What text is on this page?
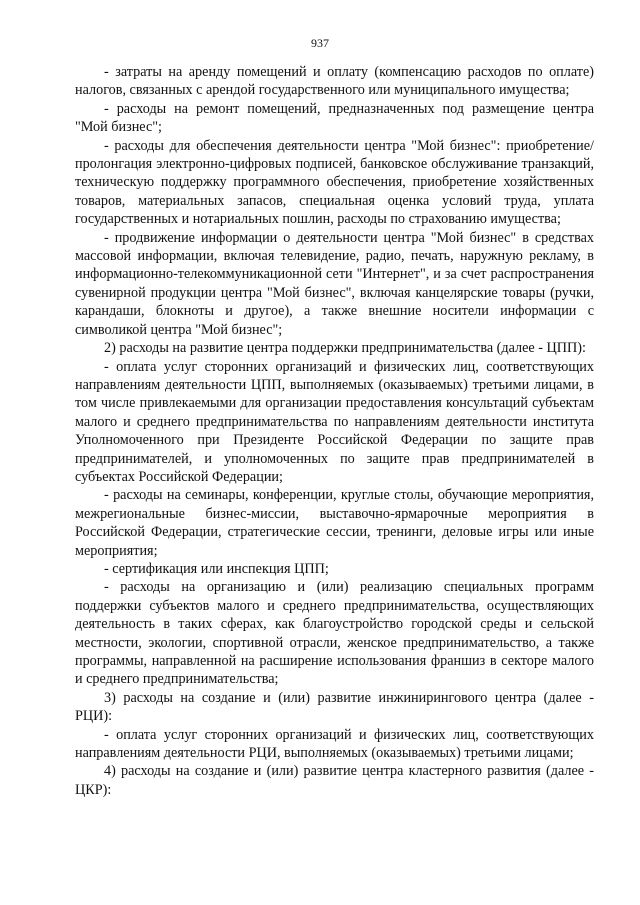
937

- затраты на аренду помещений и оплату (компенсацию расходов по оплате) налогов, связанных с арендой государственного или муниципального имущества;

- расходы на ремонт помещений, предназначенных под размещение центра "Мой бизнес";

- расходы для обеспечения деятельности центра "Мой бизнес": приобретение/пролонгация электронно-цифровых подписей, банковское обслуживание транзакций, техническую поддержку программного обеспечения, приобретение хозяйственных товаров, материальных запасов, специальная оценка условий труда, уплата государственных и нотариальных пошлин, расходы по страхованию имущества;

- продвижение информации о деятельности центра "Мой бизнес" в средствах массовой информации, включая телевидение, радио, печать, наружную рекламу, в информационно-телекоммуникационной сети "Интернет", и за счет распространения сувенирной продукции центра "Мой бизнес", включая канцелярские товары (ручки, карандаши, блокноты и другое), а также внешние носители информации с символикой центра "Мой бизнес";

2) расходы на развитие центра поддержки предпринимательства (далее - ЦПП):

- оплата услуг сторонних организаций и физических лиц, соответствующих направлениям деятельности ЦПП, выполняемых (оказываемых) третьими лицами, в том числе привлекаемыми для организации предоставления консультаций субъектам малого и среднего предпринимательства по направлениям деятельности института Уполномоченного при Президенте Российской Федерации по защите прав предпринимателей, и уполномоченных по защите прав предпринимателей в субъектах Российской Федерации;

- расходы на семинары, конференции, круглые столы, обучающие мероприятия, межрегиональные бизнес-миссии, выставочно-ярмарочные мероприятия в Российской Федерации, стратегические сессии, тренинги, деловые игры или иные мероприятия;

- сертификация или инспекция ЦПП;

- расходы на организацию и (или) реализацию специальных программ поддержки субъектов малого и среднего предпринимательства, осуществляющих деятельность в таких сферах, как благоустройство городской среды и сельской местности, экологии, спортивной отрасли, женское предпринимательство, а также программы, направленной на расширение использования франшиз в секторе малого и среднего предпринимательства;

3) расходы на создание и (или) развитие инжинирингового центра (далее - РЦИ):

- оплата услуг сторонних организаций и физических лиц, соответствующих направлениям деятельности РЦИ, выполняемых (оказываемых) третьими лицами;

4) расходы на создание и (или) развитие центра кластерного развития (далее - ЦКР):
